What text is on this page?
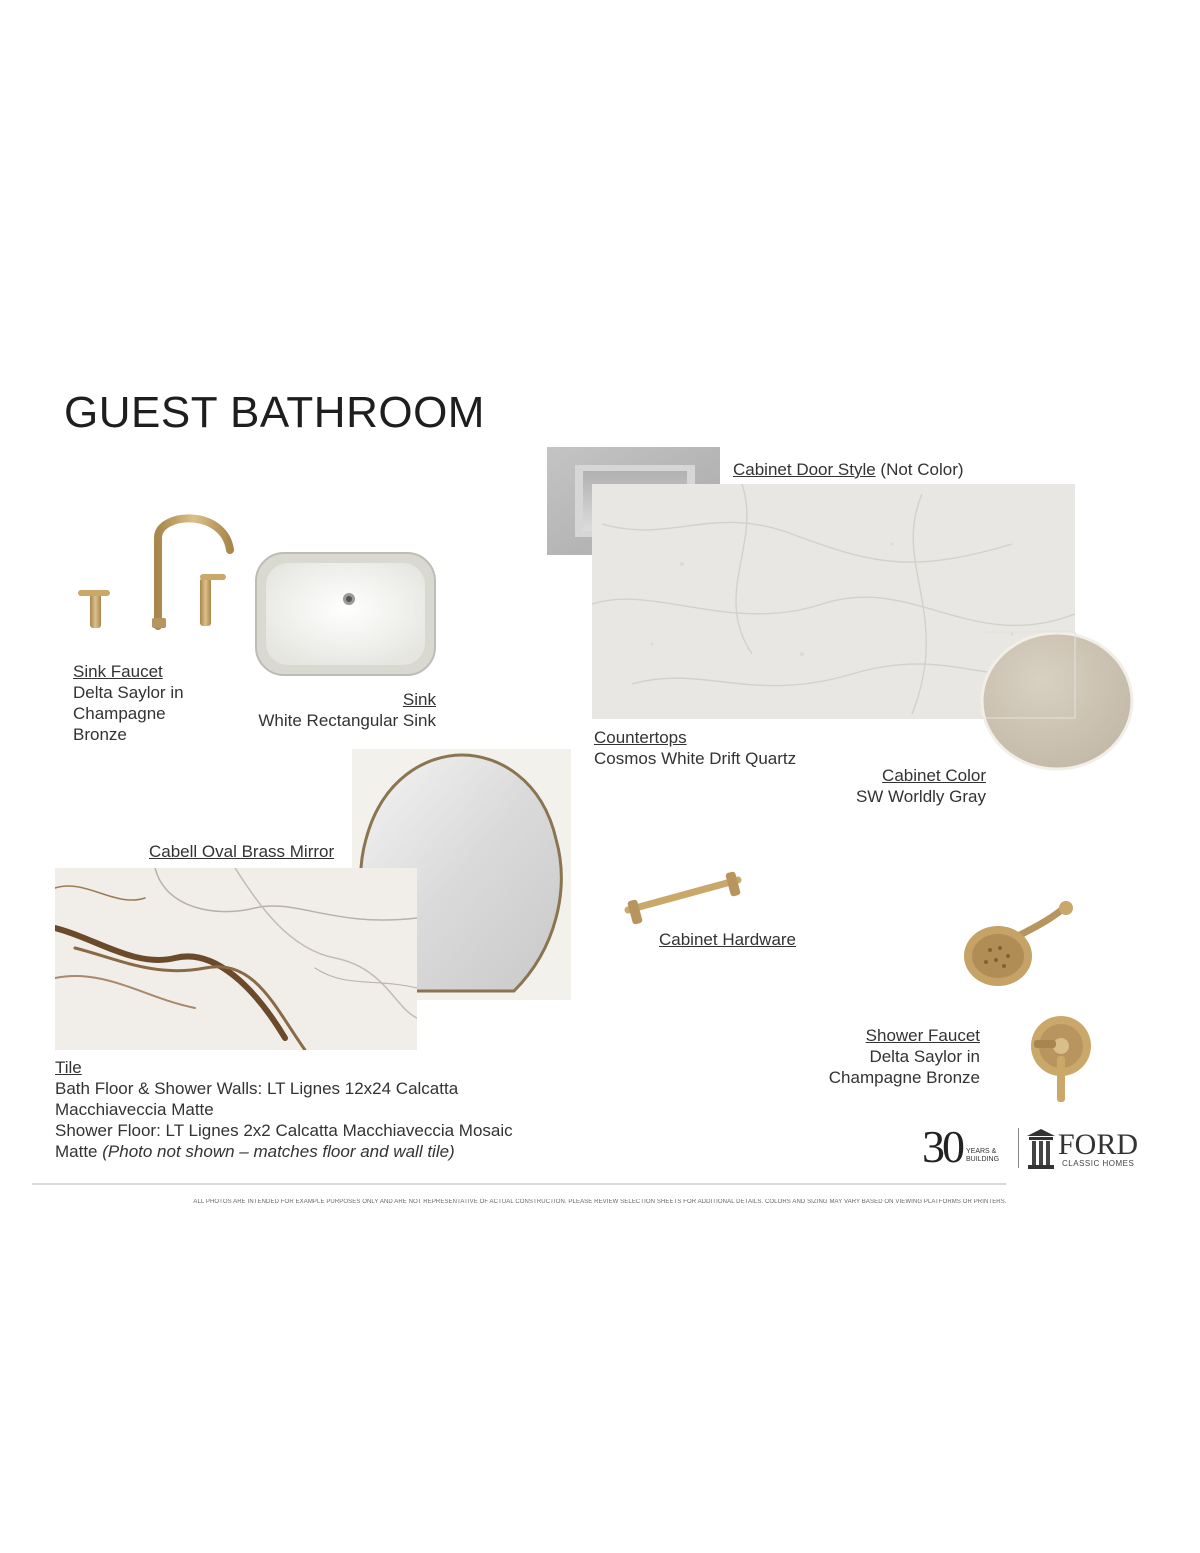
GUEST BATHROOM
Cabinet Door Style (Not Color)
Sink Faucet
Delta Saylor in
Champagne
Bronze
Sink
White Rectangular Sink
Countertops
Cosmos White Drift Quartz
Cabinet Color
SW Worldly Gray
Cabell Oval Brass Mirror
Cabinet Hardware
Shower Faucet
Delta Saylor in
Champagne Bronze
Tile
Bath Floor & Shower Walls: LT Lignes 12x24 Calcatta
Macchiaveccia Matte
Shower Floor: LT Lignes 2x2 Calcatta Macchiaveccia Mosaic
Matte (Photo not shown – matches floor and wall tile)	30 YEARS &
BUILDING FORD
CLASSIC HOMES
ALL PHOTOS ARE INTENDED FOR EXAMPLE PURPOSES ONLY AND ARE NOT REPRESENTATIVE OF ACTUAL CONSTRUCTION. PLEASE REVIEW SELECTION SHEETS FOR ADDITIONAL DETAILS. COLORS AND SIZING MAY VARY BASED ON VIEWING PLATFORMS OR PRINTERS.
